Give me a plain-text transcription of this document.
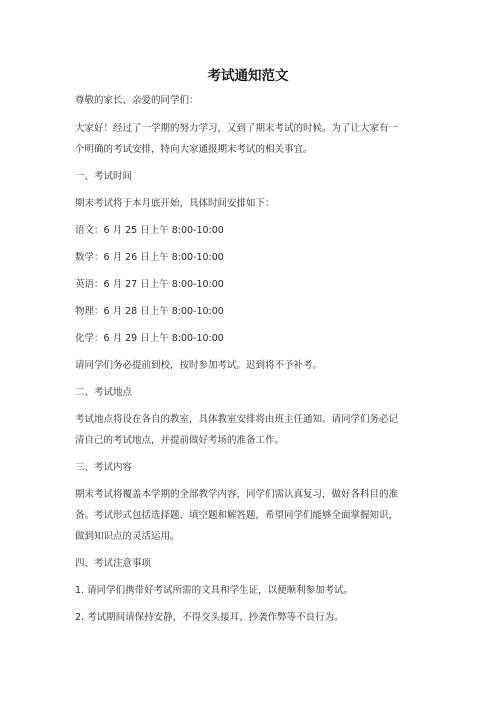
考试通知范文
尊敬的家长、亲爱的同学们：
大家好！经过了一学期的努力学习，又到了期末考试的时候。为了让大家有一
个明确的考试安排，特向大家通报期末考试的相关事宜。
一、考试时间
期末考试将于本月底开始，具体时间安排如下：
语文：6 月 25 日上午 8:00-10:00
数学：6 月 26 日上午 8:00-10:00
英语：6 月 27 日上午 8:00-10:00
物理：6 月 28 日上午 8:00-10:00
化学：6 月 29 日上午 8:00-10:00
请同学们务必提前到校，按时参加考试。迟到将不予补考。
二、考试地点
考试地点将设在各自的教室，具体教室安排将由班主任通知。请同学们务必记
清自己的考试地点，并提前做好考场的准备工作。
三、考试内容
期末考试将覆盖本学期的全部教学内容，同学们需认真复习，做好各科目的准
备。考试形式包括选择题、填空题和解答题，希望同学们能够全面掌握知识，
做到知识点的灵活运用。
四、考试注意事项
1. 请同学们携带好考试所需的文具和学生证，以便顺利参加考试。
2. 考试期间请保持安静，不得交头接耳、抄袭作弊等不良行为。
